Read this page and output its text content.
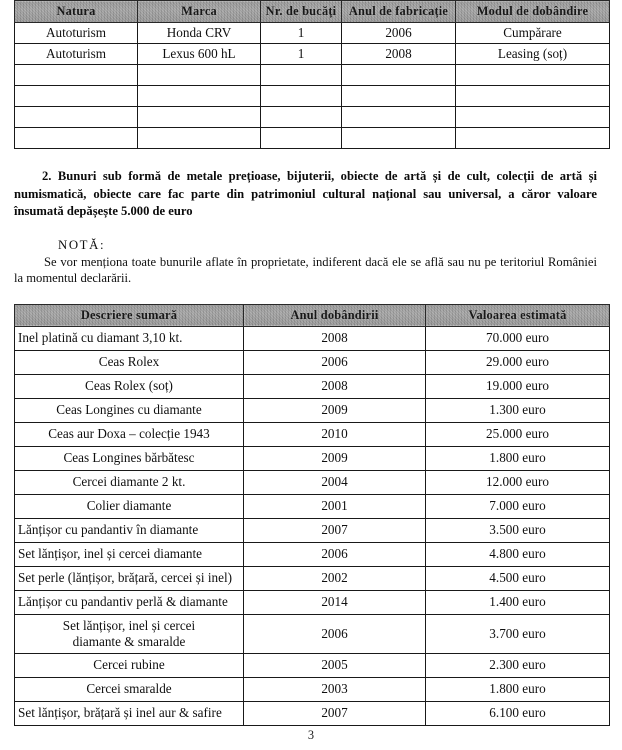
Natura	Marca	Nr. de bucăți	Anul de fabricație	Modul de dobândire
Autoturism	Honda CRV	1	2006	Cumpărare
Autoturism	Lexus 600 hL	1	2008	Leasing (soț)

2. Bunuri sub formă de metale prețioase, bijuterii, obiecte de artă și de cult, colecții de artă și numismatică, obiecte care fac parte din patrimoniul cultural național sau universal, a căror valoare însumată depășește 5.000 de euro

NOTĂ:
Se vor menționa toate bunurile aflate în proprietate, indiferent dacă ele se află sau nu pe teritoriul României la momentul declarării.
Descriere sumară	Anul dobândirii	Valoarea estimată
Inel platină cu diamant 3,10 kt.	2008	70.000 euro
Ceas Rolex	2006	29.000 euro
Ceas Rolex (soț)	2008	19.000 euro
Ceas Longines cu diamante	2009	1.300 euro
Ceas aur Doxa – colecție 1943	2010	25.000 euro
Ceas Longines bărbătesc	2009	1.800 euro
Cercei diamante 2 kt.	2004	12.000 euro
Colier diamante	2001	7.000 euro
Lănțișor cu pandantiv în diamante	2007	3.500 euro
Set lănțișor, inel și cercei diamante	2006	4.800 euro
Set perle (lănțișor, brățară, cercei și inel)	2002	4.500 euro
Lănțișor cu pandantiv perlă & diamante	2014	1.400 euro
Set lănțișor, inel și cercei
diamante & smaralde	2006	3.700 euro
Cercei rubine	2005	2.300 euro
Cercei smaralde	2003	1.800 euro
Set lănțișor, brățară și inel aur & safire	2007	6.100 euro
3
